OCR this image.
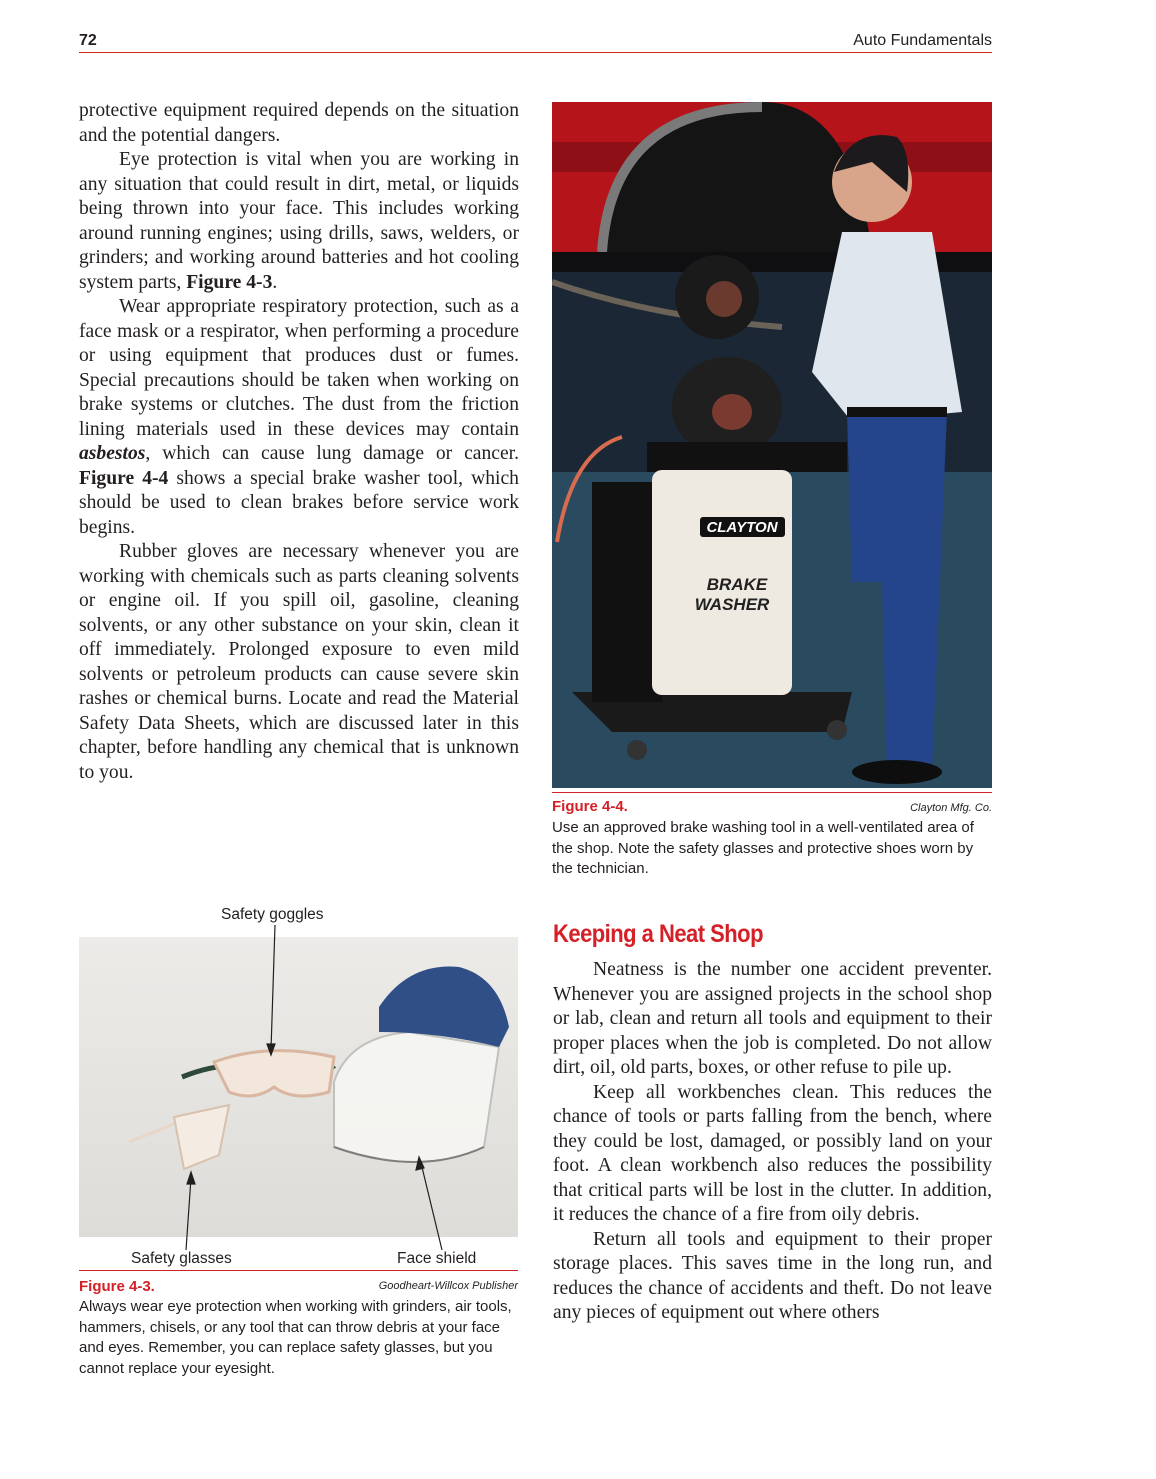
72	Auto Fundamentals

protective equipment required depends on the situation and the potential dangers.

Eye protection is vital when you are working in any situation that could result in dirt, metal, or liquids being thrown into your face. This includes working around running engines; using drills, saws, welders, or grinders; and working around batteries and hot cooling system parts, Figure 4-3.

Wear appropriate respiratory protection, such as a face mask or a respirator, when performing a procedure or using equipment that produces dust or fumes. Special precautions should be taken when working on brake systems or clutches. The dust from the friction lining materials used in these devices may contain asbestos, which can cause lung damage or cancer. Figure 4-4 shows a special brake washer tool, which should be used to clean brakes before service work begins.

Rubber gloves are necessary whenever you are working with chemicals such as parts cleaning solvents or engine oil. If you spill oil, gasoline, cleaning solvents, or any other substance on your skin, clean it off immediately. Prolonged exposure to even mild solvents or petroleum products can cause severe skin rashes or chemical burns. Locate and read the Material Safety Data Sheets, which are discussed later in this chapter, before handling any chemical that is unknown to you.

CLAYTON
BRAKE
WASHER
Figure 4-4.	Clayton Mfg. Co.
Use an approved brake washing tool in a well-ventilated area of the shop. Note the safety glasses and protective shoes worn by the technician.
Keeping a Neat Shop

Neatness is the number one accident preventer. Whenever you are assigned projects in the school shop or lab, clean and return all tools and equipment to their proper places when the job is completed. Do not allow dirt, oil, old parts, boxes, or other refuse to pile up.

Keep all workbenches clean. This reduces the chance of tools or parts falling from the bench, where they could be lost, damaged, or possibly land on your foot. A clean workbench also reduces the possibility that critical parts will be lost in the clutter. In addition, it reduces the chance of a fire from oily debris.

Return all tools and equipment to their proper storage places. This saves time in the long run, and reduces the chance of accidents and theft. Do not leave any pieces of equipment out where others

Safety goggles
Safety glasses	Face shield
Figure 4-3.	Goodheart-Willcox Publisher
Always wear eye protection when working with grinders, air tools, hammers, chisels, or any tool that can throw debris at your face and eyes. Remember, you can replace safety glasses, but you cannot replace your eyesight.
